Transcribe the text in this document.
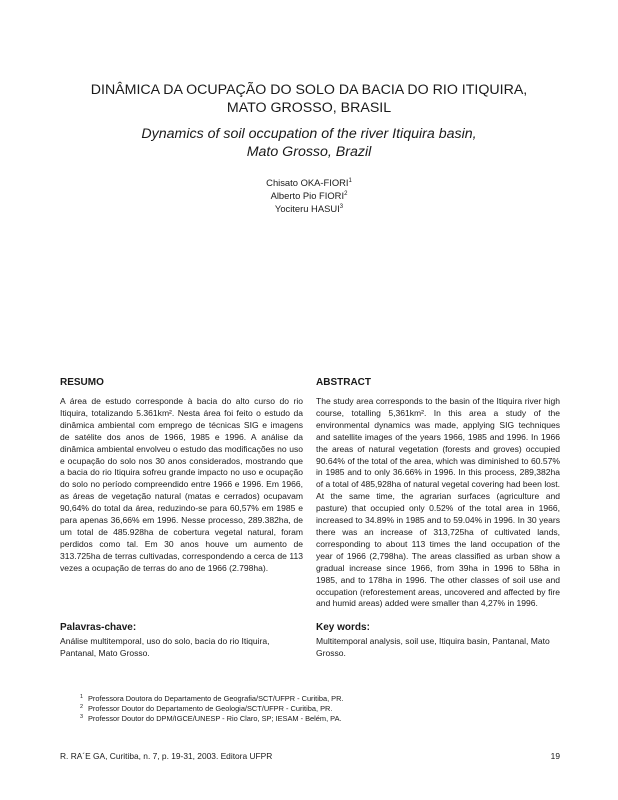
DINÂMICA DA OCUPAÇÃO DO SOLO DA BACIA DO RIO ITIQUIRA,
MATO GROSSO, BRASIL
Dynamics of soil occupation of the river Itiquira basin,
Mato Grosso, Brazil
Chisato OKA-FIORI$^1$
Alberto Pio FIORI$^2$
Yociteru HASUI$^3$
RESUMO

A área de estudo corresponde à bacia do alto curso do rio Itiquira, totalizando 5.361km². Nesta área foi feito o estudo da dinâmica ambiental com emprego de técnicas SIG e imagens de satélite dos anos de 1966, 1985 e 1996. A análise da dinâmica ambiental envolveu o estudo das modificações no uso e ocupação do solo nos 30 anos considerados, mostrando que a bacia do rio Itiquira sofreu grande impacto no uso e ocupação do solo no período compreendido entre 1966 e 1996. Em 1966, as áreas de vegetação natural (matas e cerrados) ocupavam 90,64% do total da área, reduzindo-se para 60,57% em 1985 e para apenas 36,66% em 1996. Nesse processo, 289.382ha, de um total de 485.928ha de cobertura vegetal natural, foram perdidos como tal. Em 30 anos houve um aumento de 313.725ha de terras cultivadas, correspondendo a cerca de 113 vezes a ocupação de terras do ano de 1966 (2.798ha).

ABSTRACT

The study area corresponds to the basin of the Itiquira river high course, totalling 5,361km². In this area a study of the environmental dynamics was made, applying SIG techniques and satellite images of the years 1966, 1985 and 1996. In 1966 the areas of natural vegetation (forests and groves) occupied 90.64% of the total of the area, which was diminished to 60.57% in 1985 and to only 36.66% in 1996. In this process, 289,382ha of a total of 485,928ha of natural vegetal covering had been lost. At the same time, the agrarian surfaces (agriculture and pasture) that occupied only 0.52% of the total area in 1966, increased to 34.89% in 1985 and to 59.04% in 1996. In 30 years there was an increase of 313,725ha of cultivated lands, corresponding to about 113 times the land occupation of the year of 1966 (2,798ha). The areas classified as urban show a gradual increase since 1966, from 39ha in 1996 to 58ha in 1985, and to 178ha in 1996. The other classes of soil use and occupation (reforestement areas, uncovered and affected by fire and humid areas) added were smaller than 4,27% in 1996.

Palavras-chave:

Análise multitemporal, uso do solo, bacia do rio Itiquira, Pantanal, Mato Grosso.

Key words:

Multitemporal analysis, soil use, Itiquira basin, Pantanal, Mato Grosso.

1 Professora Doutora do Departamento de Geografia/SCT/UFPR - Curitiba, PR.
2 Professor Doutor do Departamento de Geologia/SCT/UFPR - Curitiba, PR.
3 Professor Doutor do DPM/IGCE/UNESP - Rio Claro, SP; IESAM - Belém, PA.
R. RA´E GA, Curitiba, n. 7, p. 19-31, 2003. Editora UFPR	19
